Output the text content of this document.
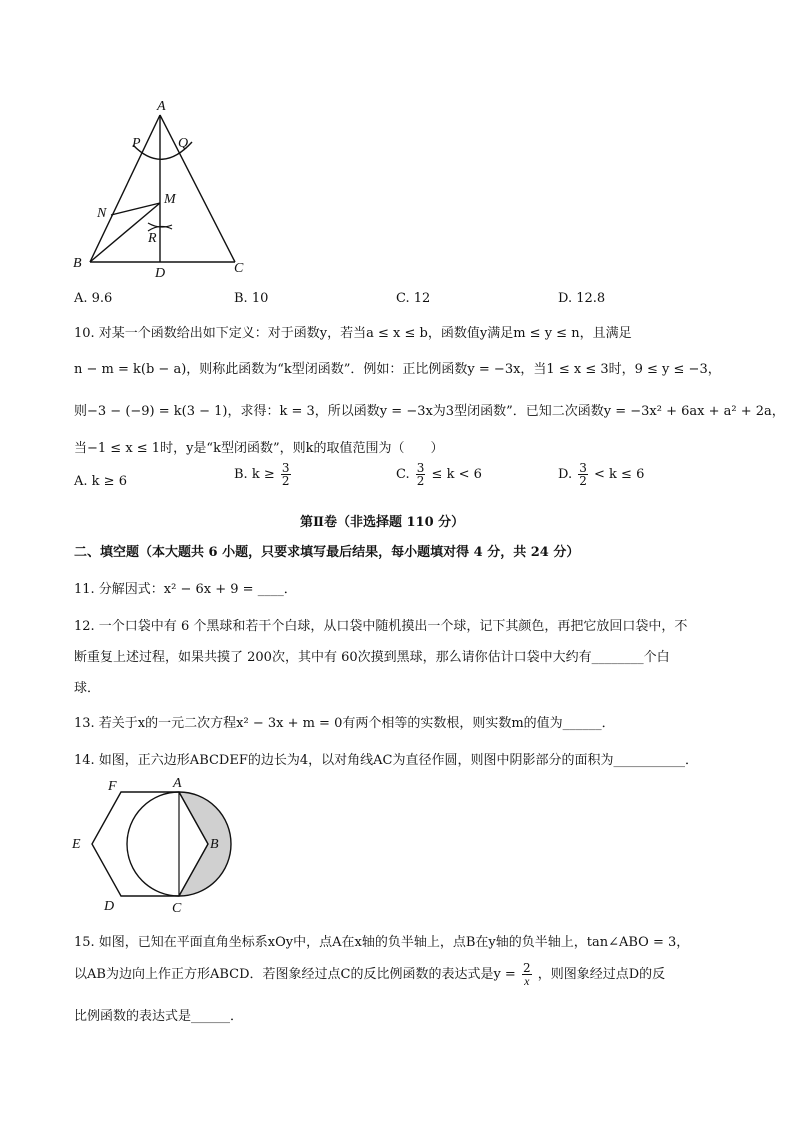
A
P	Q
N
M
R
B
D	C
A. 9.6	B. 10	C. 12	D. 12.8
10. 对某一个函数给出如下定义：对于函数y，若当a ≤ x ≤ b，函数值y满足m ≤ y ≤ n，且满足
n − m = k(b − a)，则称此函数为“k型闭函数”．例如：正比例函数y = −3x，当1 ≤ x ≤ 3时，9 ≤ y ≤ −3，
则−3 − (−9) = k(3 − 1)，求得：k = 3，所以函数y = −3x为3型闭函数”．已知二次函数y = −3x² + 6ax + a² + 2a，
当−1 ≤ x ≤ 1时，y是“k型闭函数”，则k的取值范围为（　　）
A. k ≥ 6	B. $k \ge \frac{3}{2}$	C. $\frac{3}{2} \le k < 6$	D. $\frac{3}{2} < k \le 6$
第Ⅱ卷（非选择题 110 分）
二、填空题（本大题共 6 小题，只要求填写最后结果，每小题填对得 4 分，共 24 分）
11. 分解因式：x² − 6x + 9 = ____．
12. 一个口袋中有 6 个黑球和若干个白球，从口袋中随机摸出一个球，记下其颜色，再把它放回口袋中，不
断重复上述过程，如果共摸了 200次，其中有 60次摸到黑球，那么请你估计口袋中大约有________个白
球．
13. 若关于x的一元二次方程x² − 3x + m = 0有两个相等的实数根，则实数m的值为______．
14. 如图，正六边形ABCDEF的边长为4，以对角线AC为直径作圆，则图中阴影部分的面积为___________．
A
F
B
E
D	C
15. 如图，已知在平面直角坐标系xOy中，点A在x轴的负半轴上，点B在y轴的负半轴上，tan∠ABO = 3，
以AB为边向上作正方形ABCD．若图象经过点C的反比例函数的表达式是$y = \frac{2}{x}$ ，则图象经过点D的反
比例函数的表达式是______．
